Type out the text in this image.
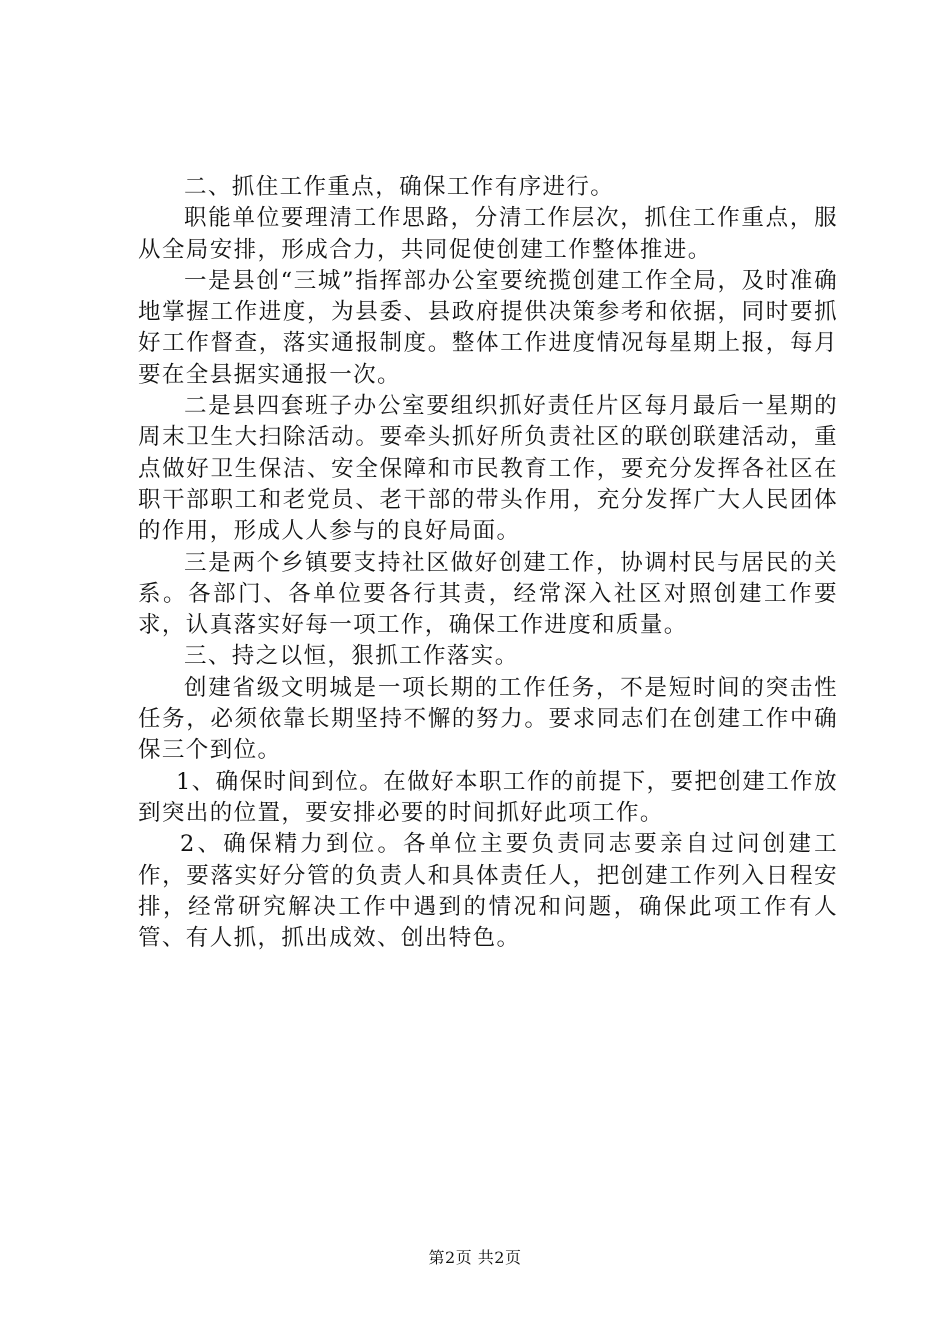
二、抓住工作重点，确保工作有序进行。

职能单位要理清工作思路，分清工作层次，抓住工作重点，服从全局安排，形成合力，共同促使创建工作整体推进。

一是县创“三城”指挥部办公室要统揽创建工作全局，及时准确地掌握工作进度，为县委、县政府提供决策参考和依据，同时要抓好工作督查，落实通报制度。整体工作进度情况每星期上报，每月要在全县据实通报一次。

二是县四套班子办公室要组织抓好责任片区每月最后一星期的周末卫生大扫除活动。要牵头抓好所负责社区的联创联建活动，重点做好卫生保洁、安全保障和市民教育工作，要充分发挥各社区在职干部职工和老党员、老干部的带头作用，充分发挥广大人民团体的作用，形成人人参与的良好局面。

三是两个乡镇要支持社区做好创建工作，协调村民与居民的关系。各部门、各单位要各行其责，经常深入社区对照创建工作要求，认真落实好每一项工作，确保工作进度和质量。

三、持之以恒，狠抓工作落实。

创建省级文明城是一项长期的工作任务，不是短时间的突击性任务，必须依靠长期坚持不懈的努力。要求同志们在创建工作中确保三个到位。

1、确保时间到位。在做好本职工作的前提下，要把创建工作放到突出的位置，要安排必要的时间抓好此项工作。

2、确保精力到位。各单位主要负责同志要亲自过问创建工作，要落实好分管的负责人和具体责任人，把创建工作列入日程安排，经常研究解决工作中遇到的情况和问题，确保此项工作有人管、有人抓，抓出成效、创出特色。

第2页 共2页
